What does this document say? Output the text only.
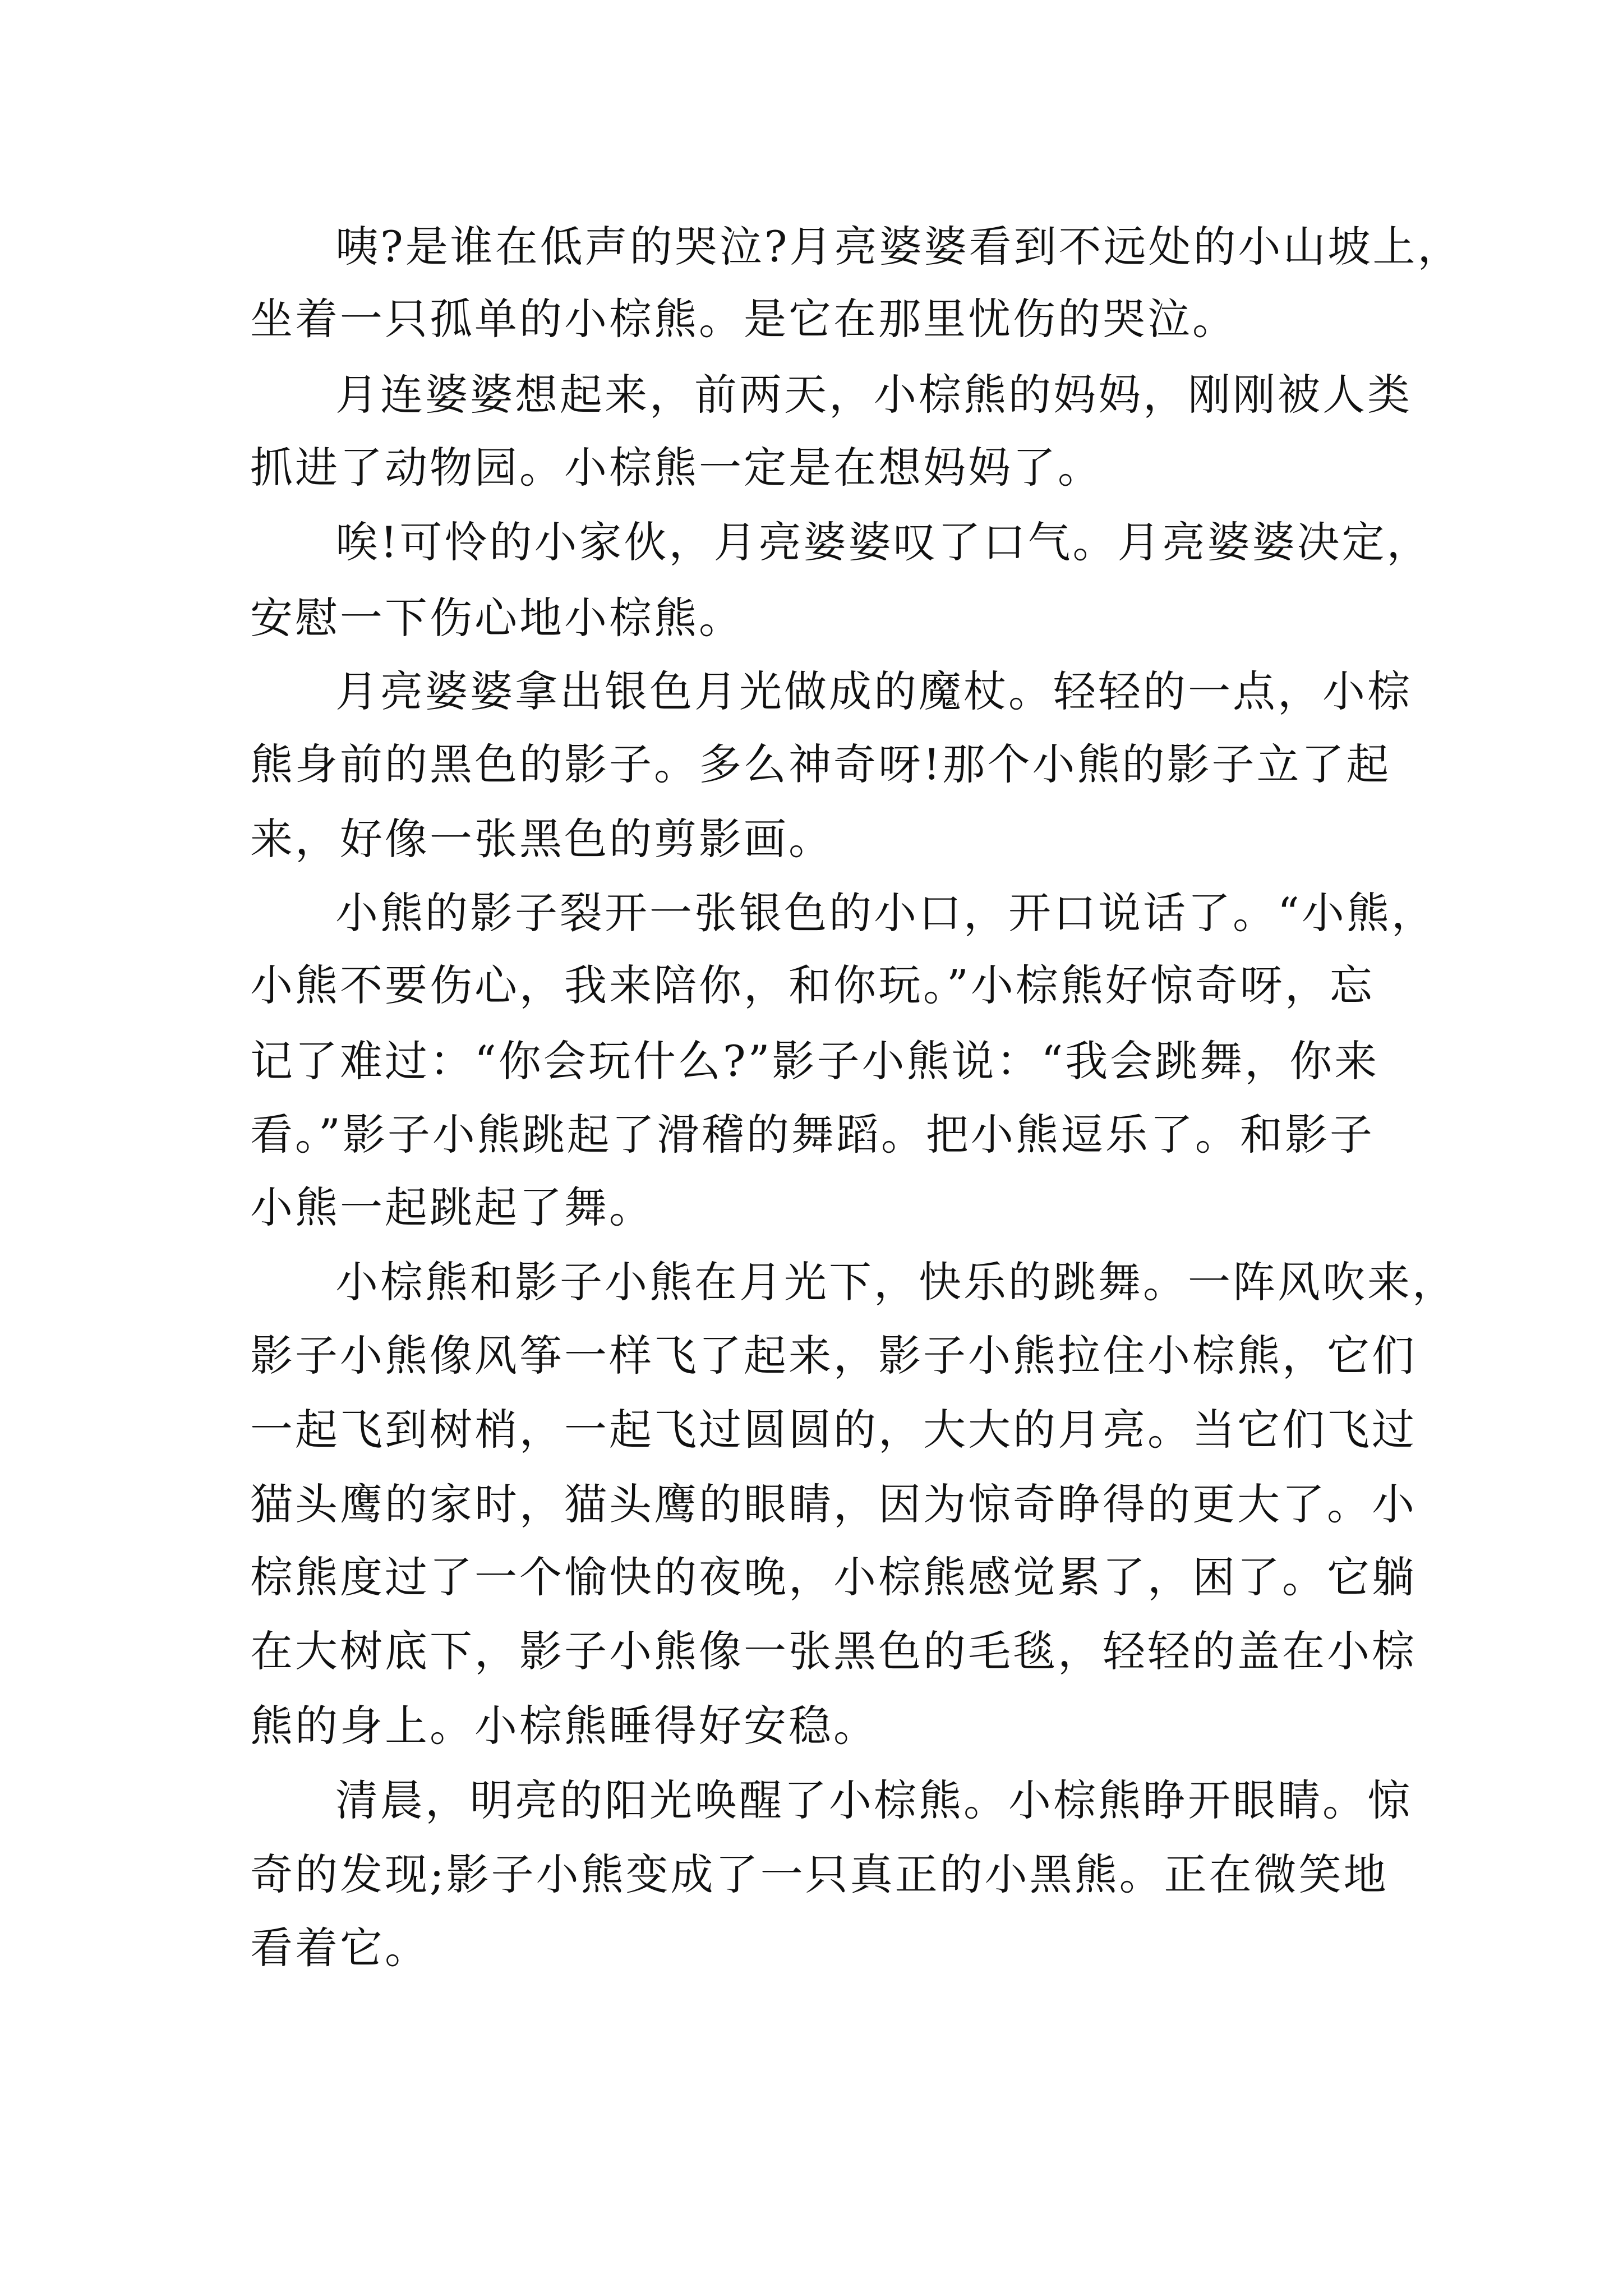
咦?是谁在低声的哭泣?月亮婆婆看到不远处的小山坡上，
坐着一只孤单的小棕熊。是它在那里忧伤的哭泣。
月连婆婆想起来，前两天，小棕熊的妈妈，刚刚被人类
抓进了动物园。小棕熊一定是在想妈妈了。
唉!可怜的小家伙，月亮婆婆叹了口气。月亮婆婆决定，
安慰一下伤心地小棕熊。
月亮婆婆拿出银色月光做成的魔杖。轻轻的一点，小棕
熊身前的黑色的影子。多么神奇呀!那个小熊的影子立了起
来，好像一张黑色的剪影画。
小熊的影子裂开一张银色的小口，开口说话了。“小熊，
小熊不要伤心，我来陪你，和你玩。”小棕熊好惊奇呀，忘
记了难过：“你会玩什么?”影子小熊说：“我会跳舞，你来
看。”影子小熊跳起了滑稽的舞蹈。把小熊逗乐了。和影子
小熊一起跳起了舞。
小棕熊和影子小熊在月光下，快乐的跳舞。一阵风吹来，
影子小熊像风筝一样飞了起来，影子小熊拉住小棕熊，它们
一起飞到树梢，一起飞过圆圆的，大大的月亮。当它们飞过
猫头鹰的家时，猫头鹰的眼睛，因为惊奇睁得的更大了。小
棕熊度过了一个愉快的夜晚，小棕熊感觉累了，困了。它躺
在大树底下，影子小熊像一张黑色的毛毯，轻轻的盖在小棕
熊的身上。小棕熊睡得好安稳。
清晨，明亮的阳光唤醒了小棕熊。小棕熊睁开眼睛。惊
奇的发现;影子小熊变成了一只真正的小黑熊。正在微笑地
看着它。
